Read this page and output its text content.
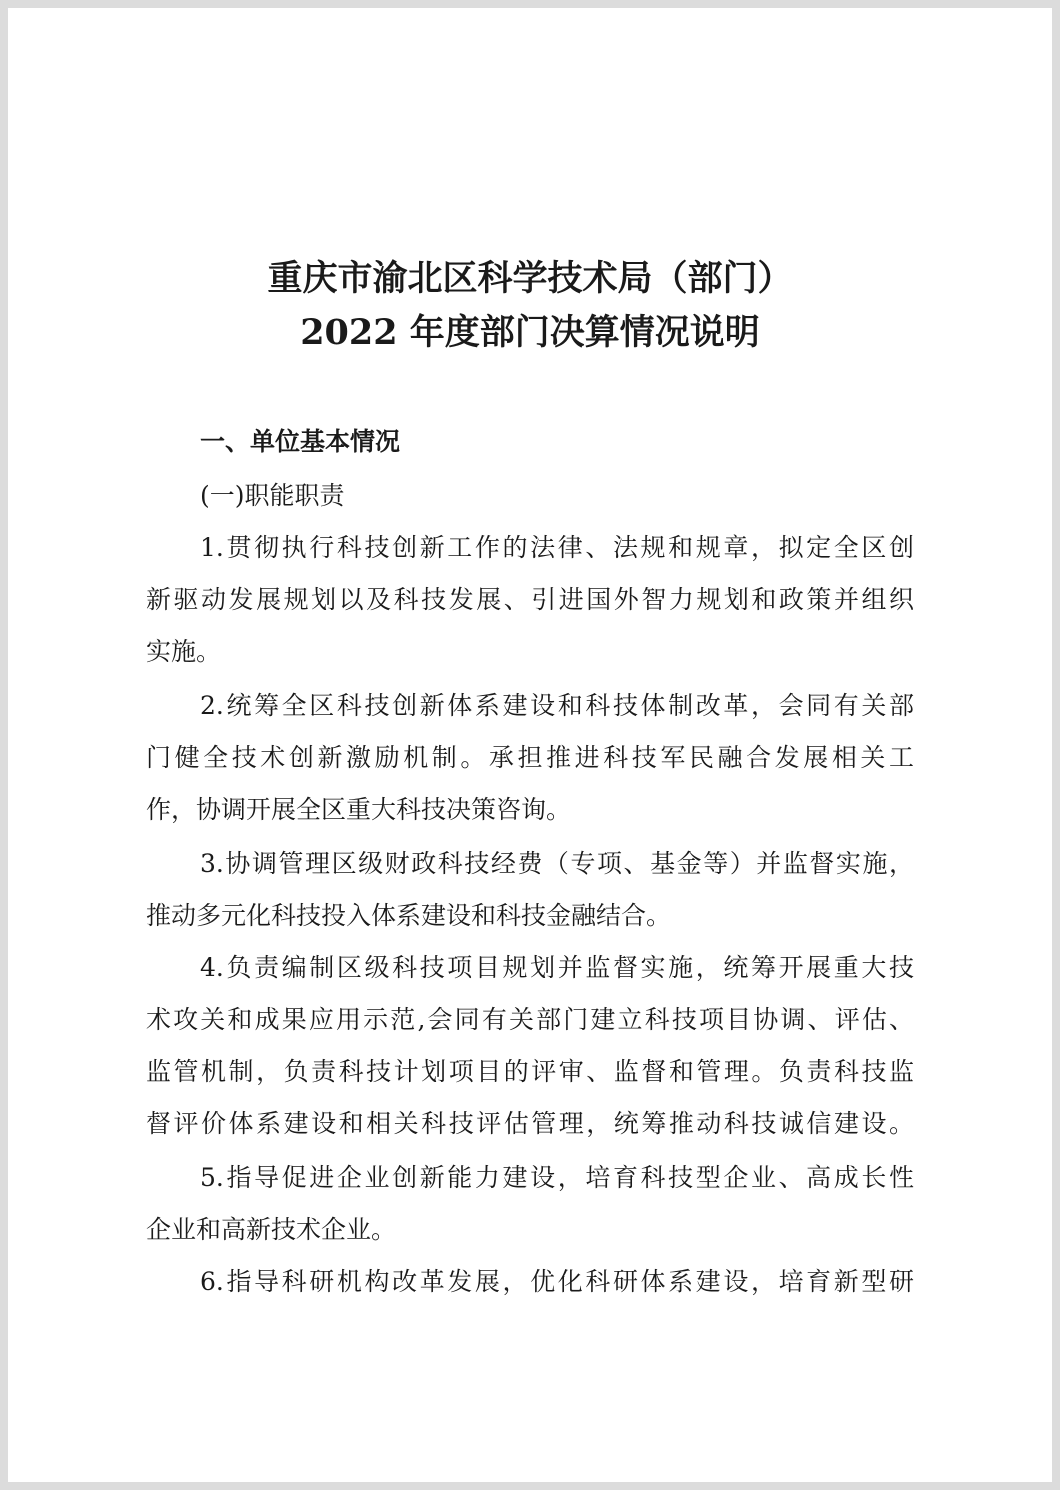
重庆市渝北区科学技术局（部门）
2022 年度部门决算情况说明

一、单位基本情况

(一)职能职责

1.贯彻执行科技创新工作的法律、法规和规章，拟定全区创

新驱动发展规划以及科技发展、引进国外智力规划和政策并组织

实施。

2.统筹全区科技创新体系建设和科技体制改革，会同有关部

门健全技术创新激励机制。承担推进科技军民融合发展相关工

作，协调开展全区重大科技决策咨询。

3.协调管理区级财政科技经费（专项、基金等）并监督实施，

推动多元化科技投入体系建设和科技金融结合。

4.负责编制区级科技项目规划并监督实施，统筹开展重大技

术攻关和成果应用示范,会同有关部门建立科技项目协调、评估、

监管机制，负责科技计划项目的评审、监督和管理。负责科技监

督评价体系建设和相关科技评估管理，统筹推动科技诚信建设。

5.指导促进企业创新能力建设，培育科技型企业、高成长性

企业和高新技术企业。

6.指导科研机构改革发展，优化科研体系建设，培育新型研
